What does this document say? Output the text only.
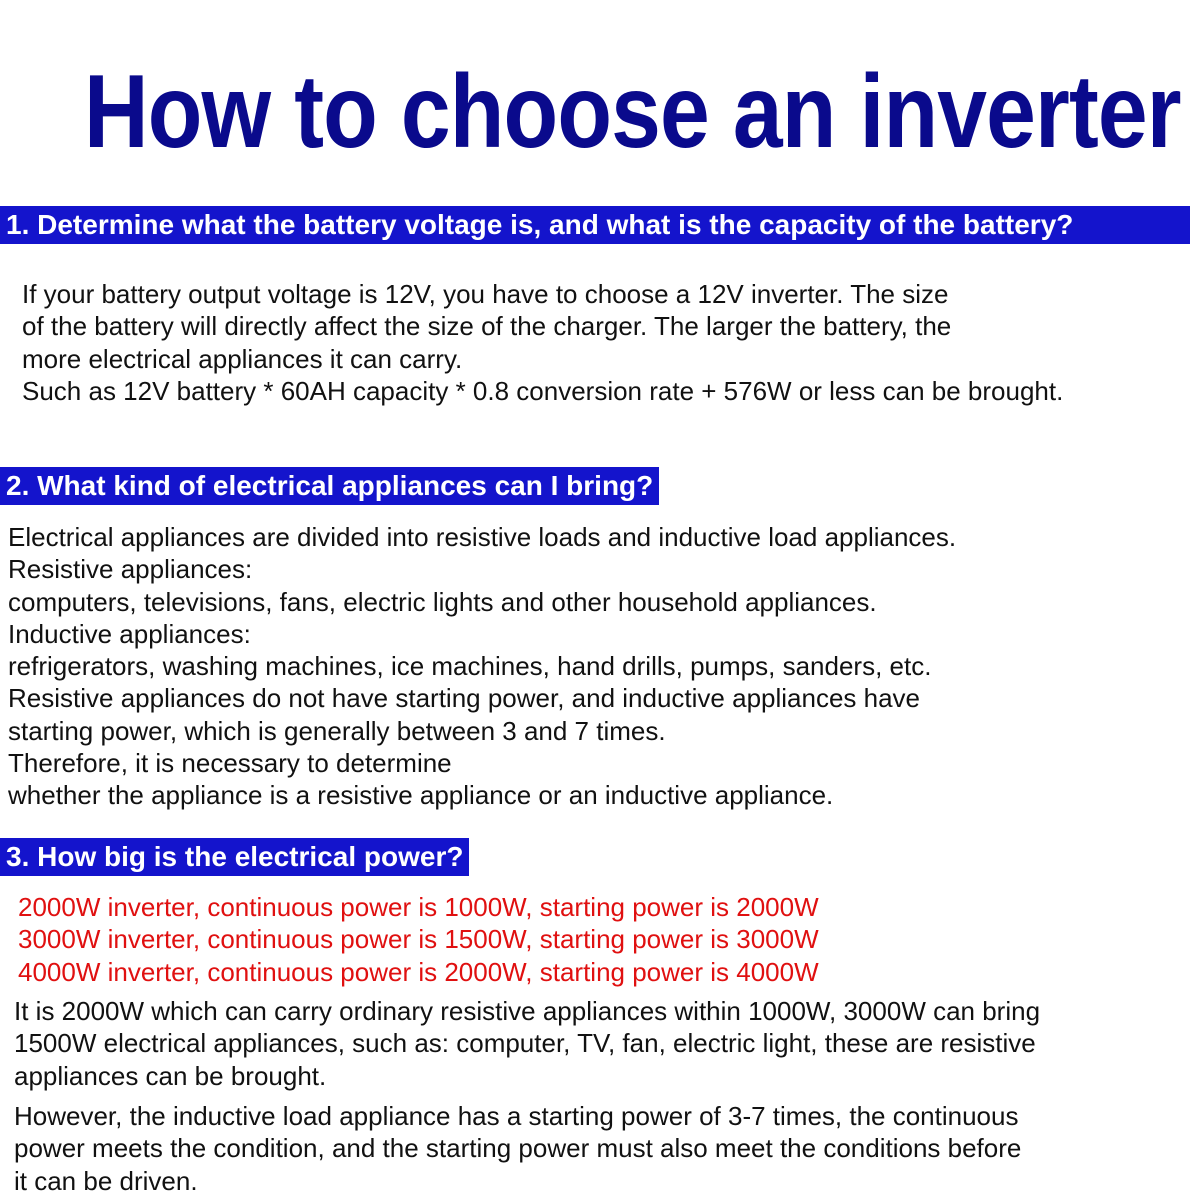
How to choose an inverter
1. Determine what the battery voltage is, and what is the capacity of the battery?
If your battery output voltage is 12V, you have to choose a 12V inverter. The size
of the battery will directly affect the size of the charger. The larger the battery, the
more electrical appliances it can carry.
Such as 12V battery * 60AH capacity * 0.8 conversion rate + 576W or less can be brought.
2. What kind of electrical appliances can I bring?
Electrical appliances are divided into resistive loads and inductive load appliances.
Resistive appliances:
computers, televisions, fans, electric lights and other household appliances.
Inductive appliances:
refrigerators, washing machines, ice machines, hand drills, pumps, sanders, etc.
Resistive appliances do not have starting power, and inductive appliances have
starting power, which is generally between 3 and 7 times.
Therefore, it is necessary to determine
whether the appliance is a resistive appliance or an inductive appliance.
3. How big is the electrical power?
2000W inverter, continuous power is 1000W, starting power is 2000W
3000W inverter, continuous power is 1500W, starting power is 3000W
4000W inverter, continuous power is 2000W, starting power is 4000W
It is 2000W which can carry ordinary resistive appliances within 1000W, 3000W can bring
1500W electrical appliances, such as: computer, TV, fan, electric light, these are resistive
appliances can be brought.
However, the inductive load appliance has a starting power of 3-7 times, the continuous
power meets the condition, and the starting power must also meet the conditions before
it can be driven.
